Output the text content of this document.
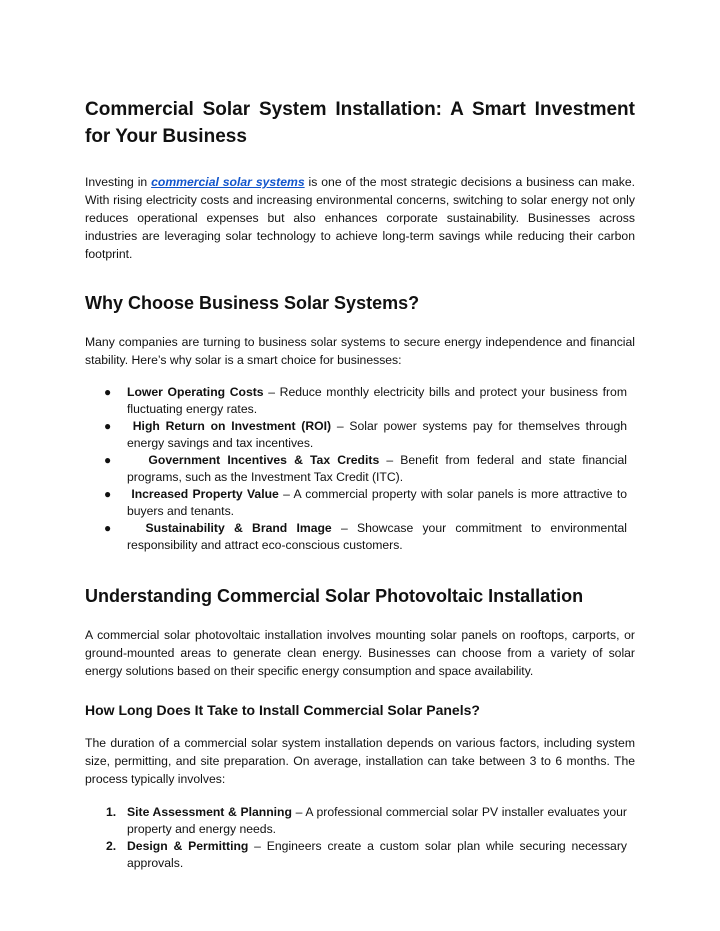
Commercial Solar System Installation: A Smart Investment for Your Business

Investing in commercial solar systems is one of the most strategic decisions a business can make. With rising electricity costs and increasing environmental concerns, switching to solar energy not only reduces operational expenses but also enhances corporate sustainability. Businesses across industries are leveraging solar technology to achieve long-term savings while reducing their carbon footprint.

Why Choose Business Solar Systems?

Many companies are turning to business solar systems to secure energy independence and financial stability. Here’s why solar is a smart choice for businesses:

● Lower Operating Costs – Reduce monthly electricity bills and protect your business from fluctuating energy rates.
● High Return on Investment (ROI) – Solar power systems pay for themselves through energy savings and tax incentives.
●	Government Incentives & Tax Credits – Benefit from federal and state financial programs, such as the Investment Tax Credit (ITC).
● Increased Property Value – A commercial property with solar panels is more attractive to buyers and tenants.
●	Sustainability & Brand Image – Showcase your commitment to environmental responsibility and attract eco-conscious customers.
Understanding Commercial Solar Photovoltaic Installation

A commercial solar photovoltaic installation involves mounting solar panels on rooftops, carports, or ground-mounted areas to generate clean energy. Businesses can choose from a variety of solar energy solutions based on their specific energy consumption and space availability.

How Long Does It Take to Install Commercial Solar Panels?

The duration of a commercial solar system installation depends on various factors, including system size, permitting, and site preparation. On average, installation can take between 3 to 6 months. The process typically involves:

1. Site Assessment & Planning – A professional commercial solar PV installer evaluates your property and energy needs.
2. Design & Permitting – Engineers create a custom solar plan while securing necessary approvals.
